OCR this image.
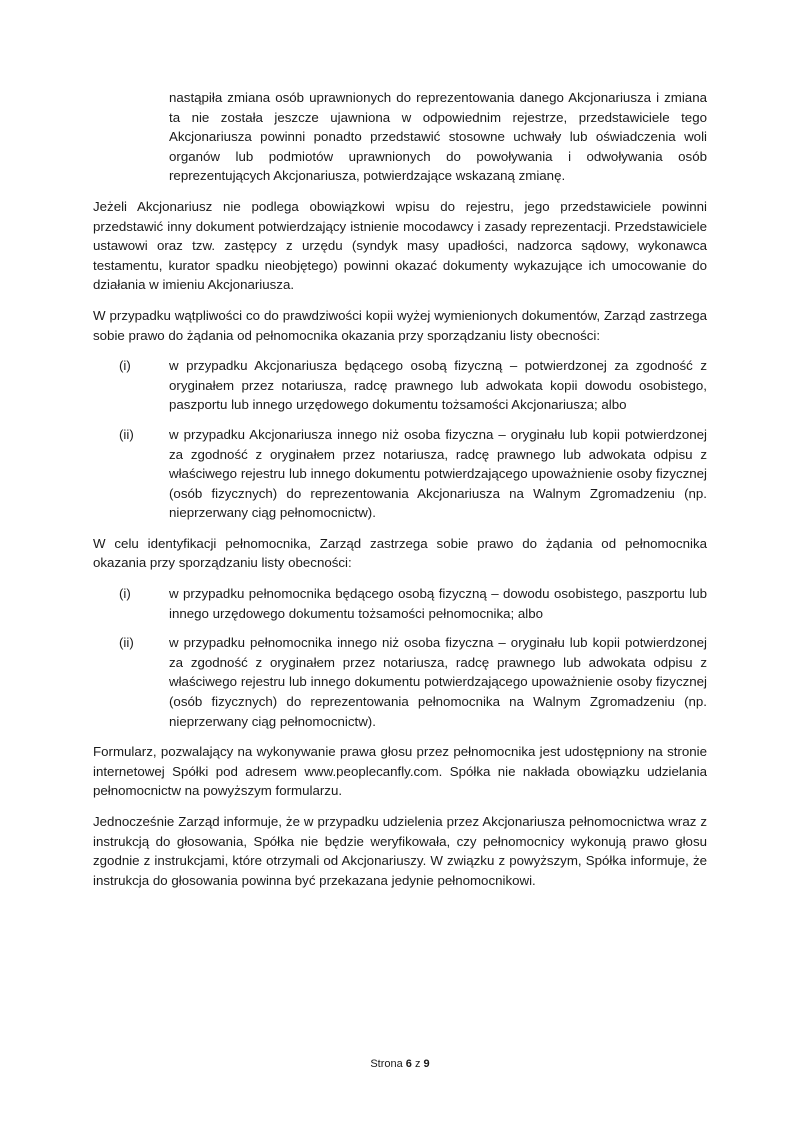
nastąpiła zmiana osób uprawnionych do reprezentowania danego Akcjonariusza i zmiana ta nie została jeszcze ujawniona w odpowiednim rejestrze, przedstawiciele tego Akcjonariusza powinni ponadto przedstawić stosowne uchwały lub oświadczenia woli organów lub podmiotów uprawnionych do powoływania i odwoływania osób reprezentujących Akcjonariusza, potwierdzające wskazaną zmianę.

Jeżeli Akcjonariusz nie podlega obowiązkowi wpisu do rejestru, jego przedstawiciele powinni przedstawić inny dokument potwierdzający istnienie mocodawcy i zasady reprezentacji. Przedstawiciele ustawowi oraz tzw. zastępcy z urzędu (syndyk masy upadłości, nadzorca sądowy, wykonawca testamentu, kurator spadku nieobjętego) powinni okazać dokumenty wykazujące ich umocowanie do działania w imieniu Akcjonariusza.

W przypadku wątpliwości co do prawdziwości kopii wyżej wymienionych dokumentów, Zarząd zastrzega sobie prawo do żądania od pełnomocnika okazania przy sporządzaniu listy obecności:

(i)	w przypadku Akcjonariusza będącego osobą fizyczną – potwierdzonej za zgodność z oryginałem przez notariusza, radcę prawnego lub adwokata kopii dowodu osobistego, paszportu lub innego urzędowego dokumentu tożsamości Akcjonariusza; albo
(ii)	w przypadku Akcjonariusza innego niż osoba fizyczna – oryginału lub kopii potwierdzonej za zgodność z oryginałem przez notariusza, radcę prawnego lub adwokata odpisu z właściwego rejestru lub innego dokumentu potwierdzającego upoważnienie osoby fizycznej (osób fizycznych) do reprezentowania Akcjonariusza na Walnym Zgromadzeniu (np. nieprzerwany ciąg pełnomocnictw).

W celu identyfikacji pełnomocnika, Zarząd zastrzega sobie prawo do żądania od pełnomocnika okazania przy sporządzaniu listy obecności:

(i)	w przypadku pełnomocnika będącego osobą fizyczną – dowodu osobistego, paszportu lub innego urzędowego dokumentu tożsamości pełnomocnika; albo
(ii)	w przypadku pełnomocnika innego niż osoba fizyczna – oryginału lub kopii potwierdzonej za zgodność z oryginałem przez notariusza, radcę prawnego lub adwokata odpisu z właściwego rejestru lub innego dokumentu potwierdzającego upoważnienie osoby fizycznej (osób fizycznych) do reprezentowania pełnomocnika na Walnym Zgromadzeniu (np. nieprzerwany ciąg pełnomocnictw).

Formularz, pozwalający na wykonywanie prawa głosu przez pełnomocnika jest udostępniony na stronie internetowej Spółki pod adresem www.peoplecanfly.com. Spółka nie nakłada obowiązku udzielania pełnomocnictw na powyższym formularzu.

Jednocześnie Zarząd informuje, że w przypadku udzielenia przez Akcjonariusza pełnomocnictwa wraz z instrukcją do głosowania, Spółka nie będzie weryfikowała, czy pełnomocnicy wykonują prawo głosu zgodnie z instrukcjami, które otrzymali od Akcjonariuszy. W związku z powyższym, Spółka informuje, że instrukcja do głosowania powinna być przekazana jedynie pełnomocnikowi.

Strona 6 z 9
